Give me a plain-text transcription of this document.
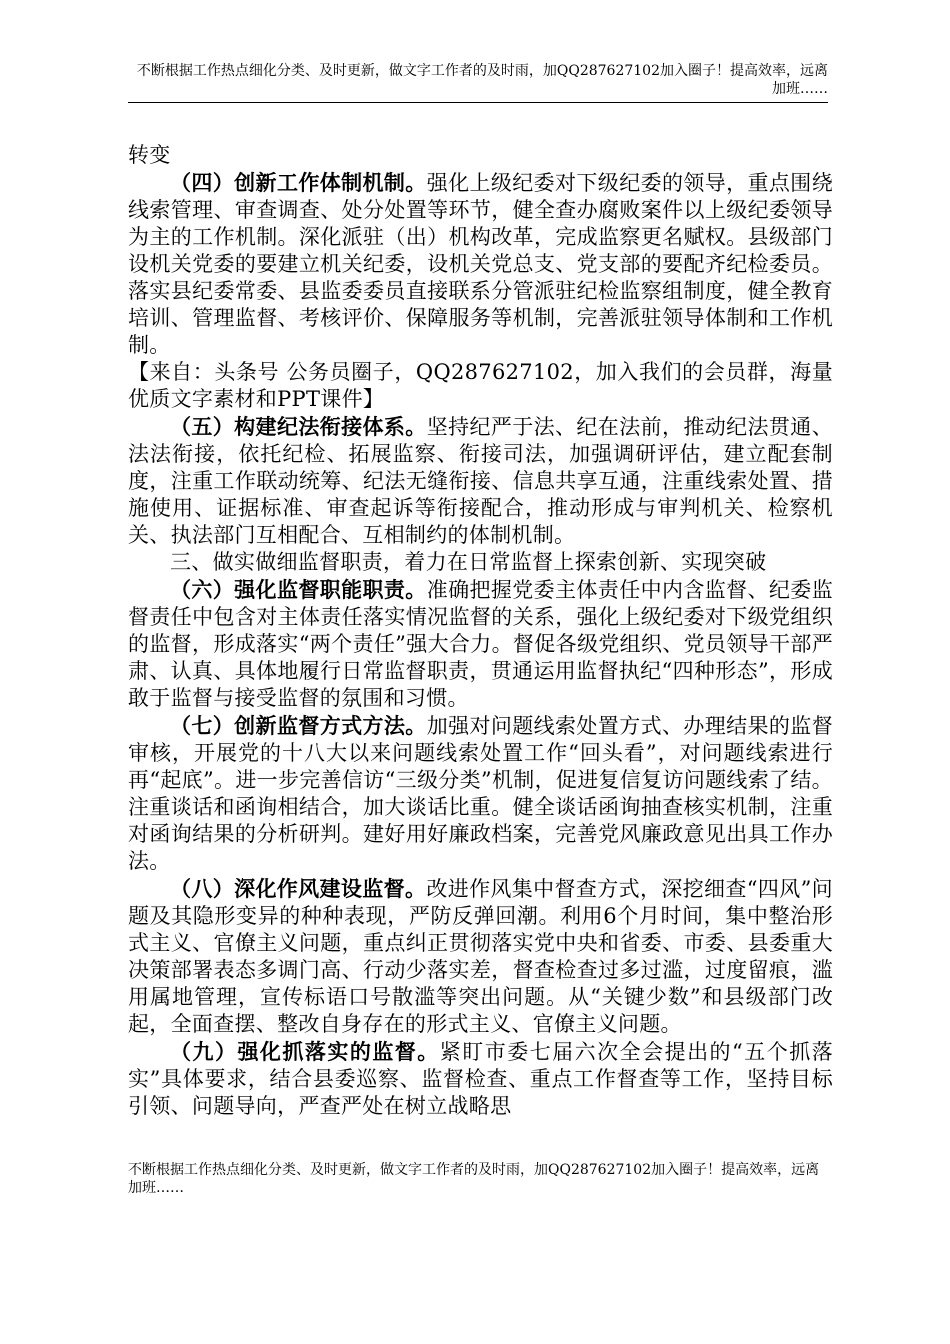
不断根据工作热点细化分类、及时更新，做文字工作者的及时雨，加QQ287627102加入圈子！提高效率，远离加班……

转变

（四）创新工作体制机制。强化上级纪委对下级纪委的领导，重点围绕线索管理、审查调查、处分处置等环节，健全查办腐败案件以上级纪委领导为主的工作机制。深化派驻（出）机构改革，完成监察更名赋权。县级部门设机关党委的要建立机关纪委，设机关党总支、党支部的要配齐纪检委员。落实县纪委常委、县监委委员直接联系分管派驻纪检监察组制度，健全教育培训、管理监督、考核评价、保障服务等机制，完善派驻领导体制和工作机制。

【来自：头条号 公务员圈子，QQ287627102，加入我们的会员群，海量优质文字素材和PPT课件】

（五）构建纪法衔接体系。坚持纪严于法、纪在法前，推动纪法贯通、法法衔接，依托纪检、拓展监察、衔接司法，加强调研评估，建立配套制度，注重工作联动统筹、纪法无缝衔接、信息共享互通，注重线索处置、措施使用、证据标准、审查起诉等衔接配合，推动形成与审判机关、检察机关、执法部门互相配合、互相制约的体制机制。

三、做实做细监督职责，着力在日常监督上探索创新、实现突破

（六）强化监督职能职责。准确把握党委主体责任中内含监督、纪委监督责任中包含对主体责任落实情况监督的关系，强化上级纪委对下级党组织的监督，形成落实“两个责任”强大合力。督促各级党组织、党员领导干部严肃、认真、具体地履行日常监督职责，贯通运用监督执纪“四种形态”，形成敢于监督与接受监督的氛围和习惯。

（七）创新监督方式方法。加强对问题线索处置方式、办理结果的监督审核，开展党的十八大以来问题线索处置工作“回头看”，对问题线索进行再“起底”。进一步完善信访“三级分类”机制，促进复信复访问题线索了结。注重谈话和函询相结合，加大谈话比重。健全谈话函询抽查核实机制，注重对函询结果的分析研判。建好用好廉政档案，完善党风廉政意见出具工作办法。

（八）深化作风建设监督。改进作风集中督查方式，深挖细查“四风”问题及其隐形变异的种种表现，严防反弹回潮。利用6个月时间，集中整治形式主义、官僚主义问题，重点纠正贯彻落实党中央和省委、市委、县委重大决策部署表态多调门高、行动少落实差，督查检查过多过滥，过度留痕，滥用属地管理，宣传标语口号散滥等突出问题。从“关键少数”和县级部门改起，全面查摆、整改自身存在的形式主义、官僚主义问题。

（九）强化抓落实的监督。紧盯市委七届六次全会提出的“五个抓落实”具体要求，结合县委巡察、监督检查、重点工作督查等工作，坚持目标引领、问题导向，严查严处在树立战略思

不断根据工作热点细化分类、及时更新，做文字工作者的及时雨，加QQ287627102加入圈子！提高效率，远离加班……
